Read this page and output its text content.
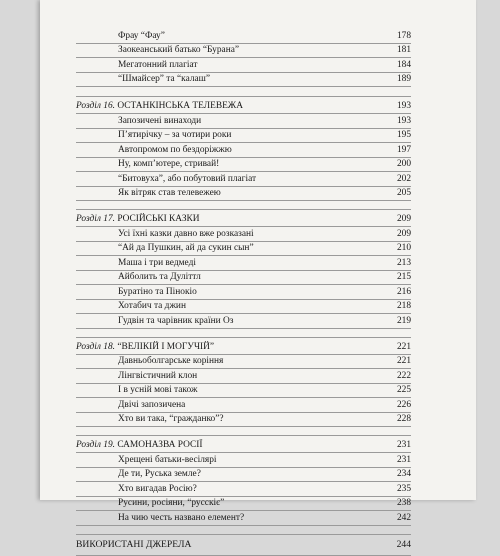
Фрау “Фау”	178
Заокеанський батько “Бурана”	181
Мегатонний плагіат	184
“Шмайсер” та “калаш”	189
Розділ 16. ОСТАНКІНСЬКА ТЕЛЕВЕЖА	193
Запозичені винаходи	193
П’ятирічку – за чотири роки	195
Автопромом по бездоріжжю	197
Ну, комп’ютере, стривай!	200
“Битовуха”, або побутовий плагіат	202
Як вітряк став телевежею	205
Розділ 17. РОСІЙСЬКІ КАЗКИ	209
Усі їхні казки давно вже розказані	209
“Ай да Пушкин, ай да сукин сын”	210
Маша і три ведмеді	213
Айболить та Дуліттл	215
Буратіно та Пінокіо	216
Хотабич та джин	218
Гудвін та чарівник країни Оз	219
Розділ 18. “ВЕЛІКІЙ І МОГУЧІЙ”	221
Давньоболгарське коріння	221
Лінгвістичний клон	222
І в усній мові також	225
Двічі запозичена	226
Хто ви така, “гражданко”?	228
Розділ 19. САМОНАЗВА РОСІЇ	231
Хрещені батьки-весілярі	231
Де ти, Руська земле?	234
Хто вигадав Росію?	235
Русини, росіяни, “русскіє”	238
На чию честь названо елемент?	242
ВИКОРИСТАНІ ДЖЕРЕЛА	244
